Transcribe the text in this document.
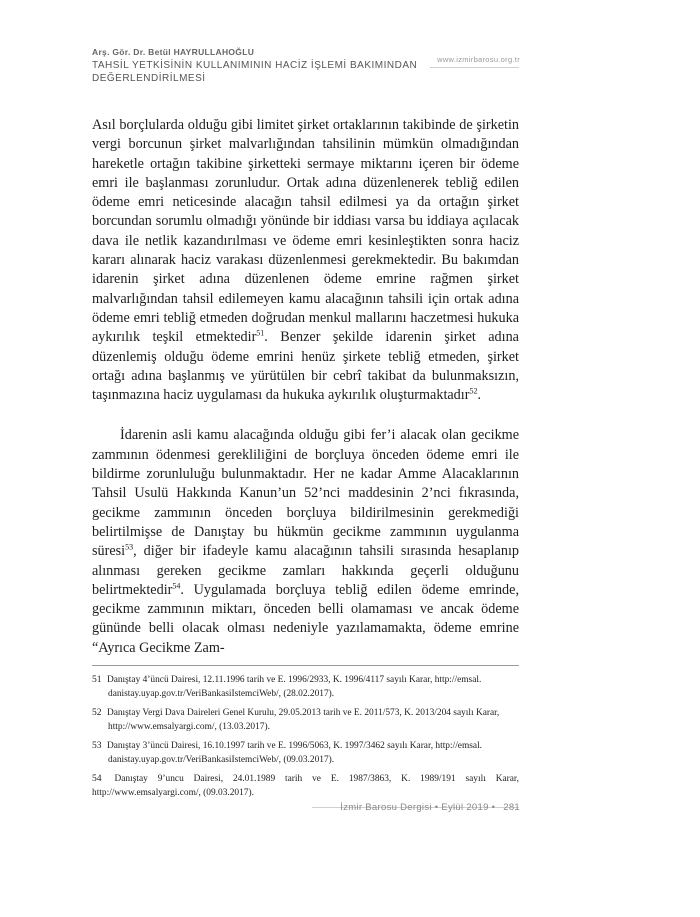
Arş. Gör. Dr. Betül HAYRULLAHOĞLU
TAHSİL YETKİSİNİN KULLANIMININ HACİZ İŞLEMİ BAKIMINDAN
DEĞERLENDİRİLMESİ
www.izmirbarosu.org.tr

Asıl borçlularda olduğu gibi limitet şirket ortaklarının takibinde de şirketin vergi borcunun şirket malvarlığından tahsilinin mümkün olmadığından hareketle ortağın takibine şirketteki sermaye miktarını içeren bir ödeme emri ile başlanması zorunludur. Ortak adına düzenlenerek tebliğ edilen ödeme emri neticesinde alacağın tahsil edilmesi ya da ortağın şirket borcundan sorumlu olmadığı yönünde bir iddiası varsa bu iddiaya açılacak dava ile netlik kazandırılması ve ödeme emri kesinleştikten sonra haciz kararı alınarak haciz varakası düzenlenmesi gerekmektedir. Bu bakımdan idarenin şirket adına düzenlenen ödeme emrine rağmen şirket malvarlığından tahsil edilemeyen kamu alacağının tahsili için ortak adına ödeme emri tebliğ etmeden doğrudan menkul mallarını haczetmesi hukuka aykırılık teşkil etmektedir$^{51}$. Benzer şekilde idarenin şirket adına düzenlemiş olduğu ödeme emrini henüz şirkete tebliğ etmeden, şirket ortağı adına başlanmış ve yürütülen bir cebrî takibat da bulunmaksızın, taşınmazına haciz uygulaması da hukuka aykırılık oluşturmaktadır$^{52}$.

İdarenin asli kamu alacağında olduğu gibi fer’i alacak olan gecikme zammının ödenmesi gerekliliğini de borçluya önceden ödeme emri ile bildirme zorunluluğu bulunmaktadır. Her ne kadar Amme Alacaklarının Tahsil Usulü Hakkında Kanun’un 52’nci maddesinin 2’nci fıkrasında, gecikme zammının önceden borçluya bildirilmesinin gerekmediği belirtilmişse de Danıştay bu hükmün gecikme zammının uygulanma süresi$^{53}$, diğer bir ifadeyle kamu alacağının tahsili sırasında hesaplanıp alınması gereken gecikme zamları hakkında geçerli olduğunu belirtmektedir$^{54}$. Uygulamada borçluya tebliğ edilen ödeme emrinde, gecikme zammının miktarı, önceden belli olamaması ve ancak ödeme gününde belli olacak olması nedeniyle yazılamamakta, ödeme emrine “Ayrıca Gecikme Zam-

51 Danıştay 4’üncü Dairesi, 12.11.1996 tarih ve E. 1996/2933, K. 1996/4117 sayılı Karar, http://emsal.
danistay.uyap.gov.tr/VeriBankasiIstemciWeb/, (28.02.2017).
52 Danıştay Vergi Dava Daireleri Genel Kurulu, 29.05.2013 tarih ve E. 2011/573, K. 2013/204 sayılı Karar,
http://www.emsalyargi.com/, (13.03.2017).
53 Danıştay 3’üncü Dairesi, 16.10.1997 tarih ve E. 1996/5063, K. 1997/3462 sayılı Karar, http://emsal.
danistay.uyap.gov.tr/VeriBankasiIstemciWeb/, (09.03.2017).
54 Danıştay 9’uncu Dairesi, 24.01.1989 tarih ve E. 1987/3863, K. 1989/191 sayılı Karar, http://www.emsalyargi.com/, (09.03.2017).
İzmir Barosu Dergisi • Eylül 2019 • 281
